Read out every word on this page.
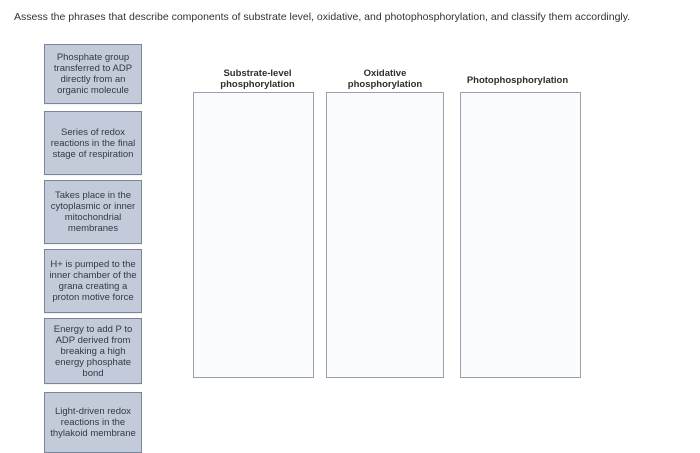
Assess the phrases that describe components of substrate level, oxidative, and photophosphorylation, and classify them accordingly.
Phosphate group transferred to ADP directly from an organic molecule
Series of redox reactions in the final stage of respiration
Takes place in the cytoplasmic or inner mitochondrial membranes
H+ is pumped to the inner chamber of the grana creating a proton motive force
Energy to add P to ADP derived from breaking a high energy phosphate bond
Light-driven redox reactions in the thylakoid membrane
Substrate-level phosphorylation
Oxidative phosphorylation	Photophosphorylation
